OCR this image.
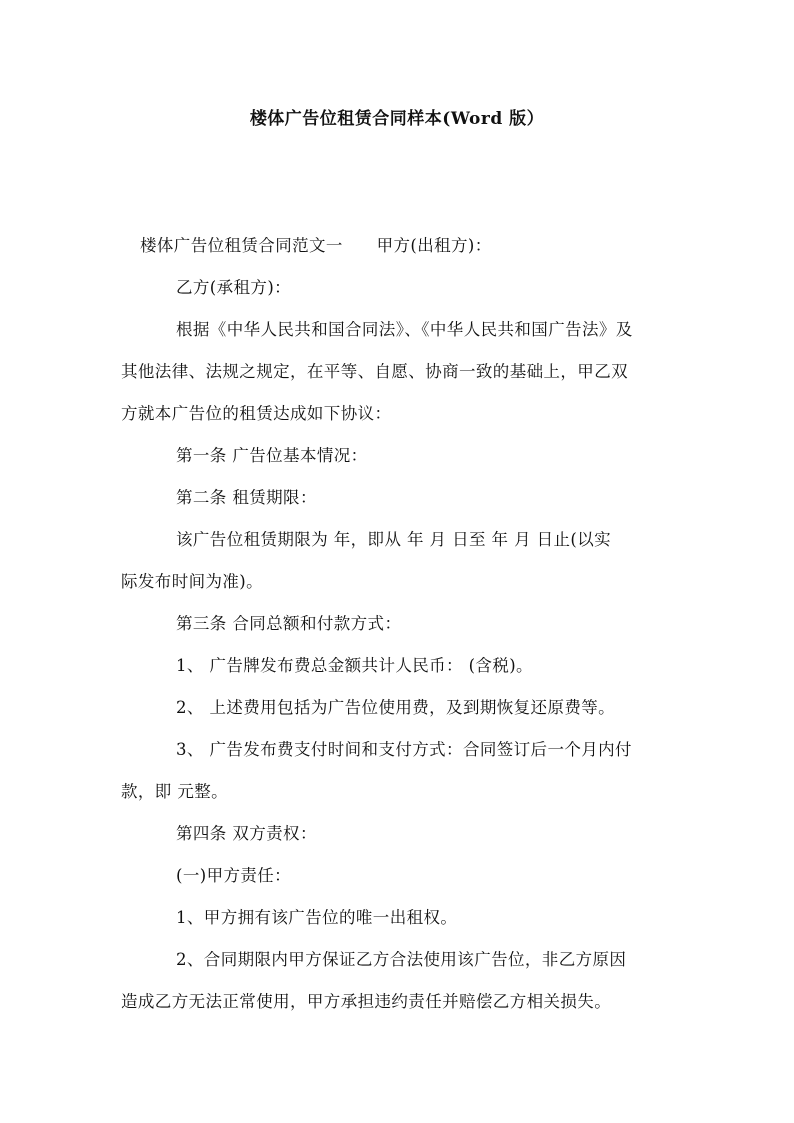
楼体广告位租赁合同样本(Word 版）
楼体广告位租赁合同范文一　　甲方(出租方)：
乙方(承租方)：
根据《中华人民共和国合同法》、《中华人民共和国广告法》及
其他法律、法规之规定，在平等、自愿、协商一致的基础上，甲乙双
方就本广告位的租赁达成如下协议：
第一条 广告位基本情况：
第二条 租赁期限：
该广告位租赁期限为 年，即从 年 月 日至 年 月 日止(以实
际发布时间为准)。
第三条 合同总额和付款方式：
1、 广告牌发布费总金额共计人民币： (含税)。
2、 上述费用包括为广告位使用费，及到期恢复还原费等。
3、 广告发布费支付时间和支付方式：合同签订后一个月内付
款，即 元整。
第四条 双方责权：
(一)甲方责任：
1、甲方拥有该广告位的唯一出租权。
2、合同期限内甲方保证乙方合法使用该广告位，非乙方原因
造成乙方无法正常使用，甲方承担违约责任并赔偿乙方相关损失。
